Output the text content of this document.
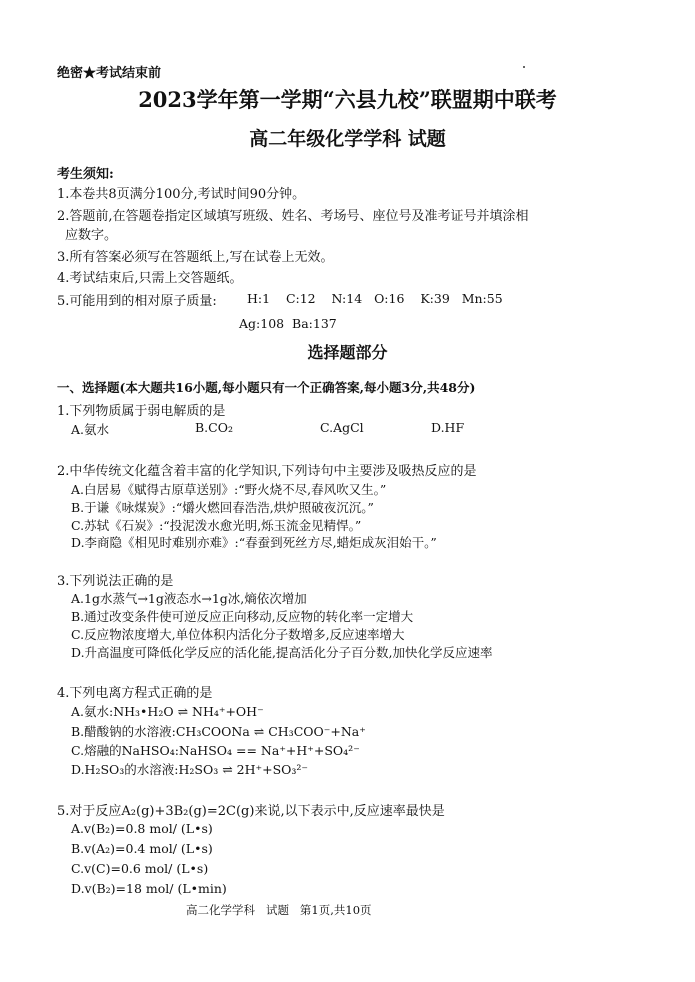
绝密★考试结束前
2023学年第一学期“六县九校”联盟期中联考
高二年级化学学科 试题
考生须知:
1.本卷共8页满分100分,考试时间90分钟。
2.答题前,在答题卷指定区域填写班级、姓名、考场号、座位号及准考证号并填涂相
应数字。
3.所有答案必须写在答题纸上,写在试卷上无效。
4.考试结束后,只需上交答题纸。
5.可能用到的相对原子质量: H:1    C:12    N:14   O:16    K:39   Mn:55
Ag:108  Ba:137
选择题部分
一、选择题(本大题共16小题,每小题只有一个正确答案,每小题3分,共48分)
1.下列物质属于弱电解质的是
A.氨水	B.CO₂	C.AgCl	D.HF
2.中华传统文化蕴含着丰富的化学知识,下列诗句中主要涉及吸热反应的是
A.白居易《赋得古原草送别》:“野火烧不尽,春风吹又生。”
B.于谦《咏煤炭》:“爝火燃回春浩浩,烘炉照破夜沉沉。”
C.苏轼《石炭》:“投泥泼水愈光明,烁玉流金见精悍。”
D.李商隐《相见时难别亦难》:“春蚕到死丝方尽,蜡炬成灰泪始干。”
3.下列说法正确的是
A.1g水蒸气→1g液态水→1g冰,熵依次增加
B.通过改变条件使可逆反应正向移动,反应物的转化率一定增大
C.反应物浓度增大,单位体积内活化分子数增多,反应速率增大
D.升高温度可降低化学反应的活化能,提高活化分子百分数,加快化学反应速率
4.下列电离方程式正确的是
A.氨水:NH₃•H₂O ⇌ NH₄⁺+OH⁻
B.醋酸钠的水溶液:CH₃COONa ⇌ CH₃COO⁻+Na⁺
C.熔融的NaHSO₄:NaHSO₄ == Na⁺+H⁺+SO₄²⁻
D.H₂SO₃的水溶液:H₂SO₃ ⇌ 2H⁺+SO₃²⁻
5.对于反应A₂(g)+3B₂(g)=2C(g)来说,以下表示中,反应速率最快是
A.v(B₂)=0.8 mol/ (L•s)
B.v(A₂)=0.4 mol/ (L•s)
C.v(C)=0.6 mol/ (L•s)
D.v(B₂)=18 mol/ (L•min)
高二化学学科   试题   第1页,共10页
